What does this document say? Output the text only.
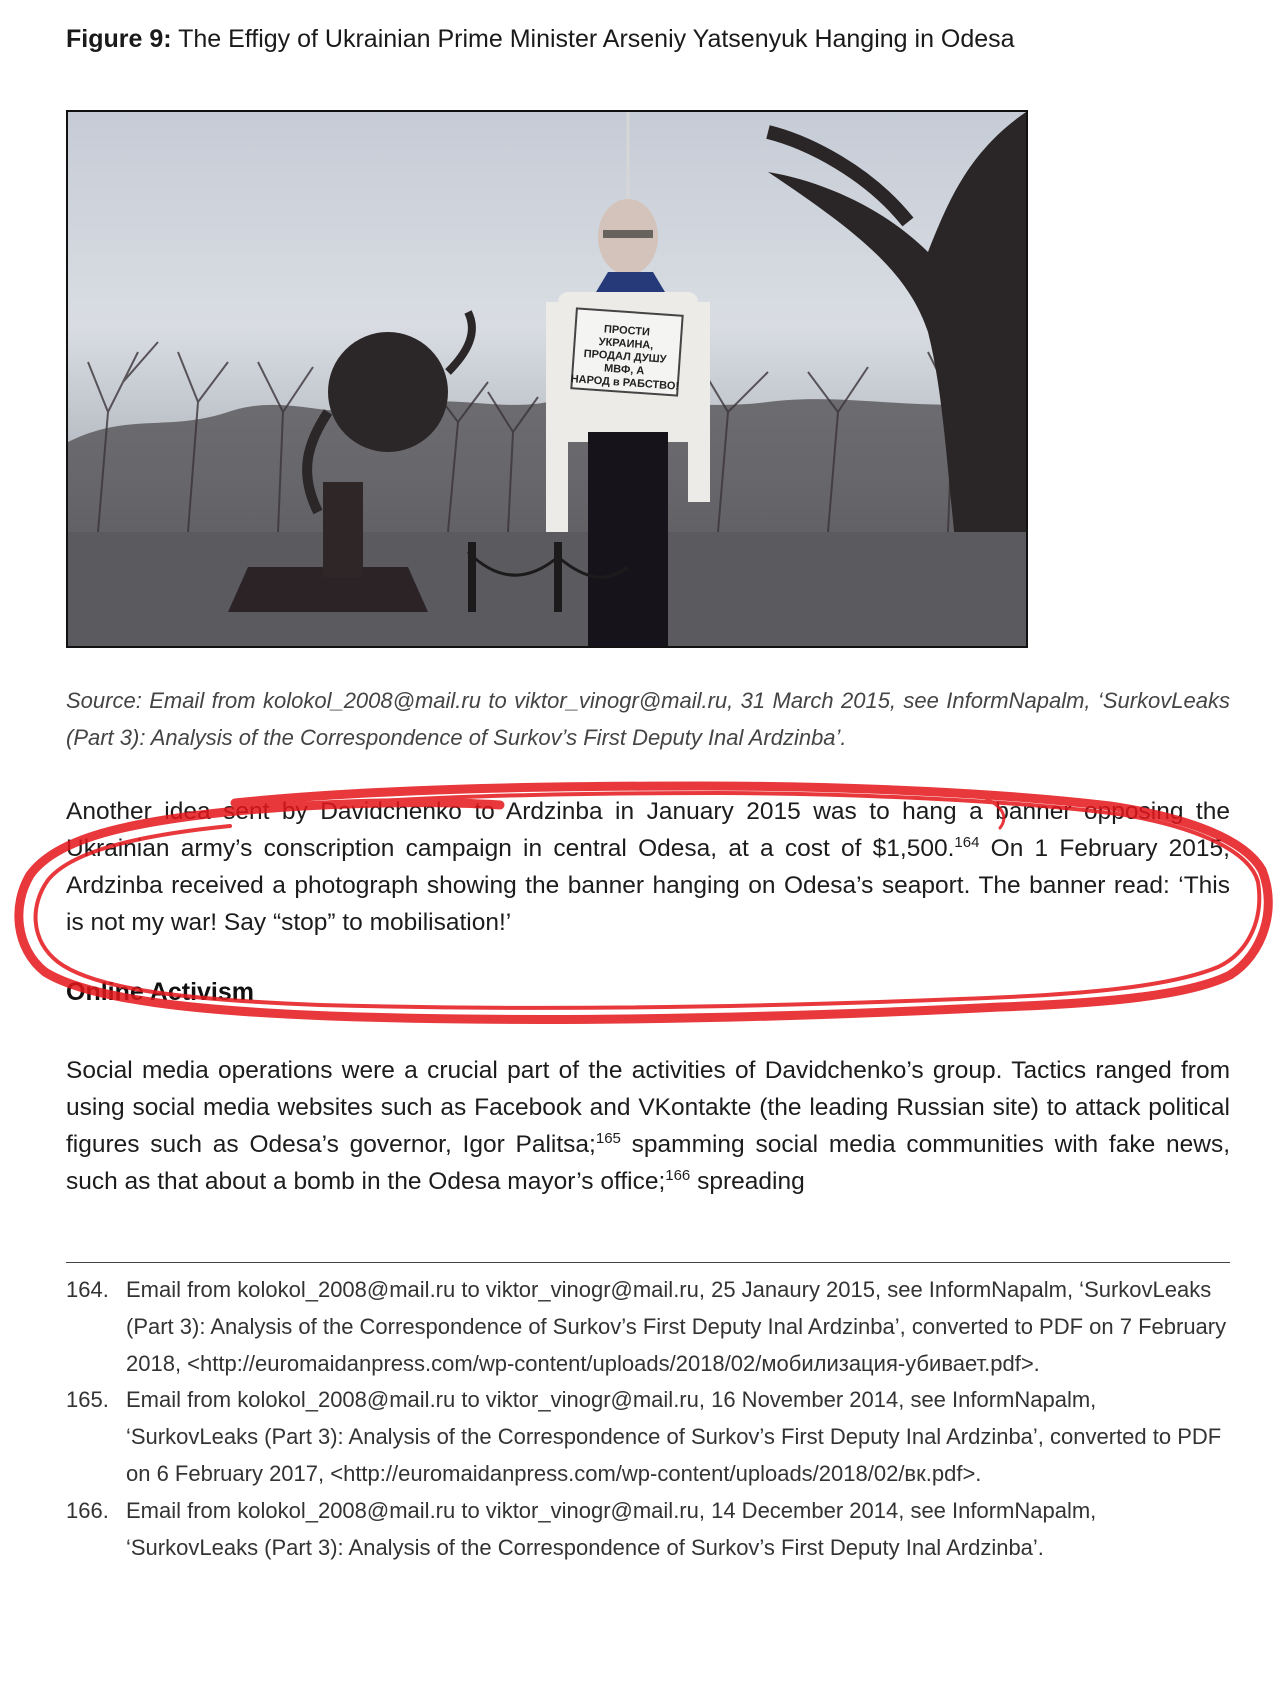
Figure 9: The Effigy of Ukrainian Prime Minister Arseniy Yatsenyuk Hanging in Odesa
ПРОСТИ УКРАИНА, ПРОДАЛ ДУШУ МВФ, А НАРОД в РАБСТВО!
Source: Email from kolokol_2008@mail.ru to viktor_vinogr@mail.ru, 31 March 2015, see InformNapalm, ‘SurkovLeaks (Part 3): Analysis of the Correspondence of Surkov’s First Deputy Inal Ardzinba’.
Another idea sent by Davidchenko to Ardzinba in January 2015 was to hang a banner opposing the Ukrainian army’s conscription campaign in central Odesa, at a cost of $1,500.$^{164}$ On 1 February 2015, Ardzinba received a photograph showing the banner hanging on Odesa’s seaport. The banner read: ‘This is not my war! Say “stop” to mobilisation!’
Online Activism
Social media operations were a crucial part of the activities of Davidchenko’s group. Tactics ranged from using social media websites such as Facebook and VKontakte (the leading Russian site) to attack political figures such as Odesa’s governor, Igor Palitsa;$^{165}$ spamming social media communities with fake news, such as that about a bomb in the Odesa mayor’s office;$^{166}$ spreading
164. Email from kolokol_2008@mail.ru to viktor_vinogr@mail.ru, 25 Janaury 2015, see InformNapalm, ‘SurkovLeaks (Part 3): Analysis of the Correspondence of Surkov’s First Deputy Inal Ardzinba’, converted to PDF on 7 February 2018, <http://euromaidanpress.com/wp-content/uploads/2018/02/мобилизация-убивает.pdf>.
165. Email from kolokol_2008@mail.ru to viktor_vinogr@mail.ru, 16 November 2014, see InformNapalm, ‘SurkovLeaks (Part 3): Analysis of the Correspondence of Surkov’s First Deputy Inal Ardzinba’, converted to PDF on 6 February 2017, <http://euromaidanpress.com/wp-content/uploads/2018/02/вк.pdf>.
166. Email from kolokol_2008@mail.ru to viktor_vinogr@mail.ru, 14 December 2014, see InformNapalm, ‘SurkovLeaks (Part 3): Analysis of the Correspondence of Surkov’s First Deputy Inal Ardzinba’.
